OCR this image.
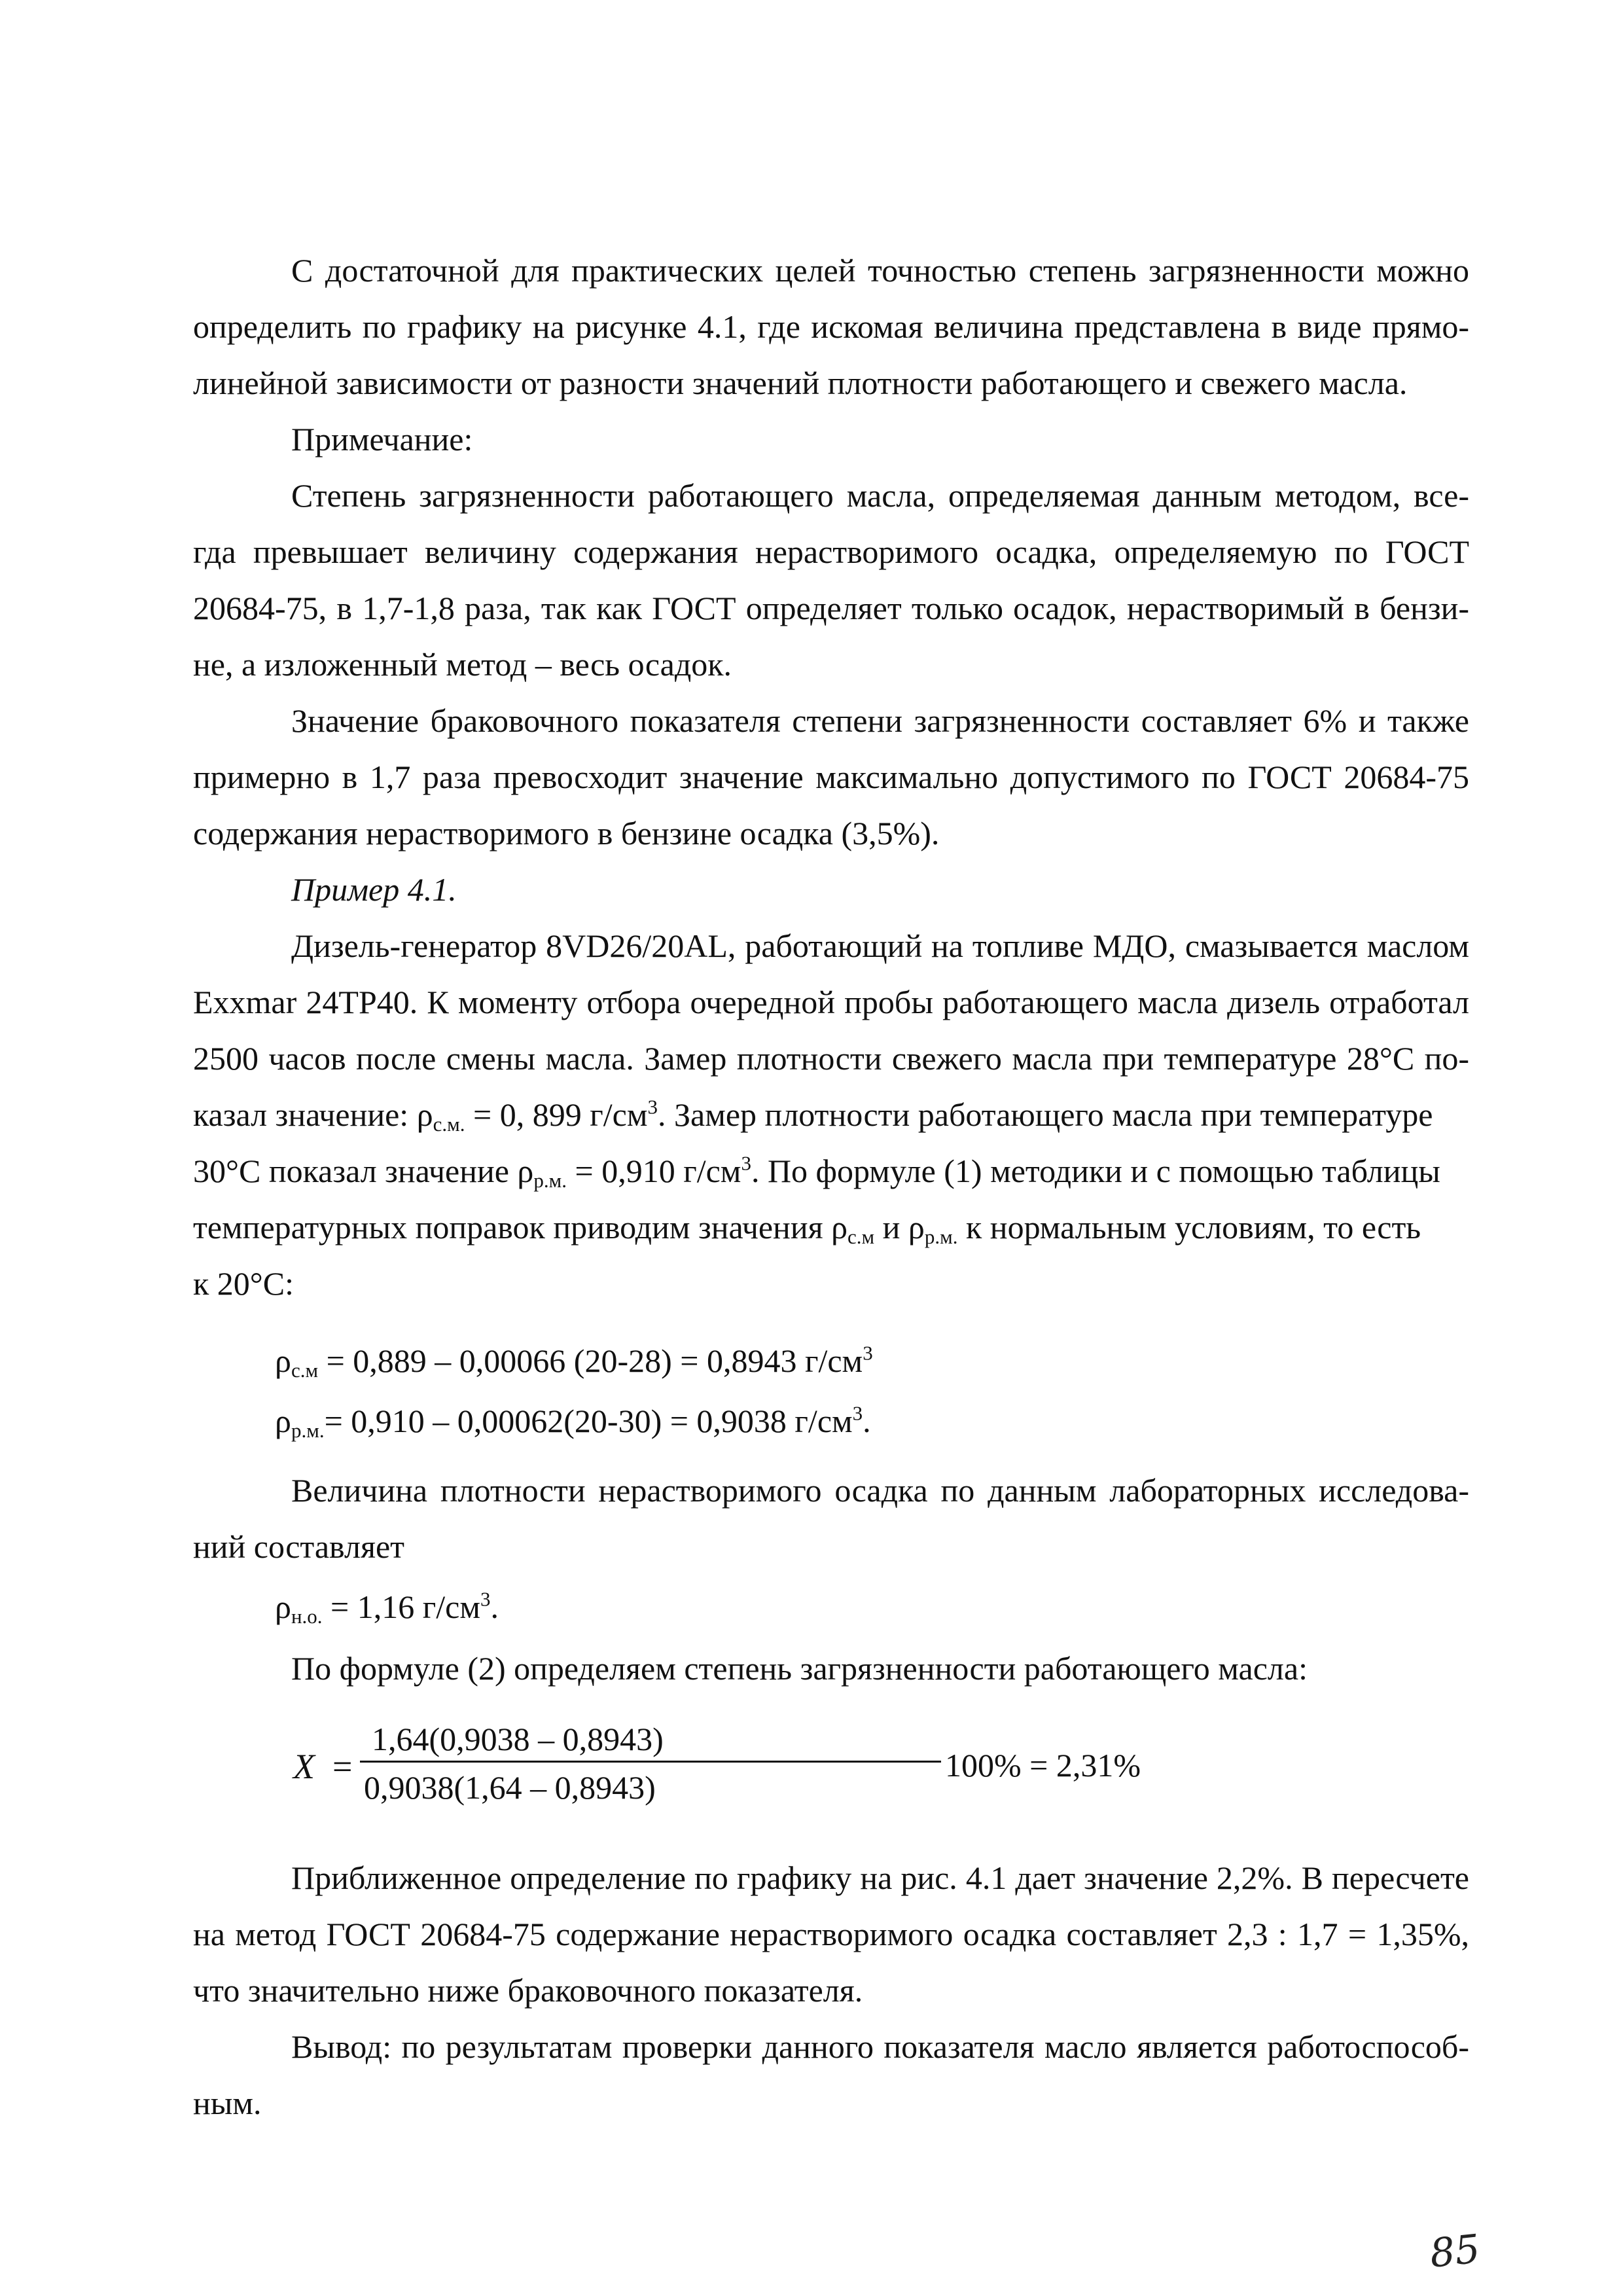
С достаточной для практических целей точностью степень загрязненности можно
определить по графику на рисунке 4.1, где искомая величина представлена в виде прямо-
линейной зависимости от разности значений плотности работающего и свежего масла.
Примечание:
Степень загрязненности работающего масла, определяемая данным методом, все-
гда превышает величину содержания нерастворимого осадка, определяемую по ГОСТ
20684-75, в 1,7-1,8 раза, так как ГОСТ определяет только осадок, нерастворимый в бензи-
не, а изложенный метод – весь осадок.
Значение браковочного показателя степени загрязненности составляет 6% и также
примерно в 1,7 раза превосходит значение максимально допустимого по ГОСТ 20684-75
содержания нерастворимого в бензине осадка (3,5%).
Пример 4.1.
Дизель-генератор 8VD26/20AL, работающий на топливе МДО, смазывается маслом
Exxmar 24TP40. К моменту отбора очередной пробы работающего масла дизель отработал
2500 часов после смены масла. Замер плотности свежего масла при температуре 28°С по-
казал значение: $\rho_{с.м.} = 0$, 899 $г/см^3$. Замер плотности работающего масла при температуре
30°С показал значение $\rho_{р.м.} = 0,910$ $г/см^3$. По формуле (1) методики и с помощью таблицы
температурных поправок приводим значения $\rho_{с.м}$ и $\rho_{р.м.}$ к нормальным условиям, то есть
к 20°С:
$\rho_{с.м} = 0,889 - 0,00066$ (20-28) = 0,8943 $г/см^3$
$\rho_{р.м.}= 0,910 - 0,00062(20-30) = 0,9038$ $г/см^3$.
Величина плотности нерастворимого осадка по данным лабораторных исследова-
ний составляет
$\rho_{н.о.} = 1,16$ $г/см^3$.
По формуле (2) определяем степень загрязненности работающего масла:
X =
1,64(0,9038 – 0,8943)
0,9038(1,64 – 0,8943)
100% = 2,31%
Приближенное определение по графику на рис. 4.1 дает значение 2,2%. В пересчете
на метод ГОСТ 20684-75 содержание нерастворимого осадка составляет 2,3 : 1,7 = 1,35%,
что значительно ниже браковочного показателя.
Вывод: по результатам проверки данного показателя масло является работоспособ-
ным.
85
